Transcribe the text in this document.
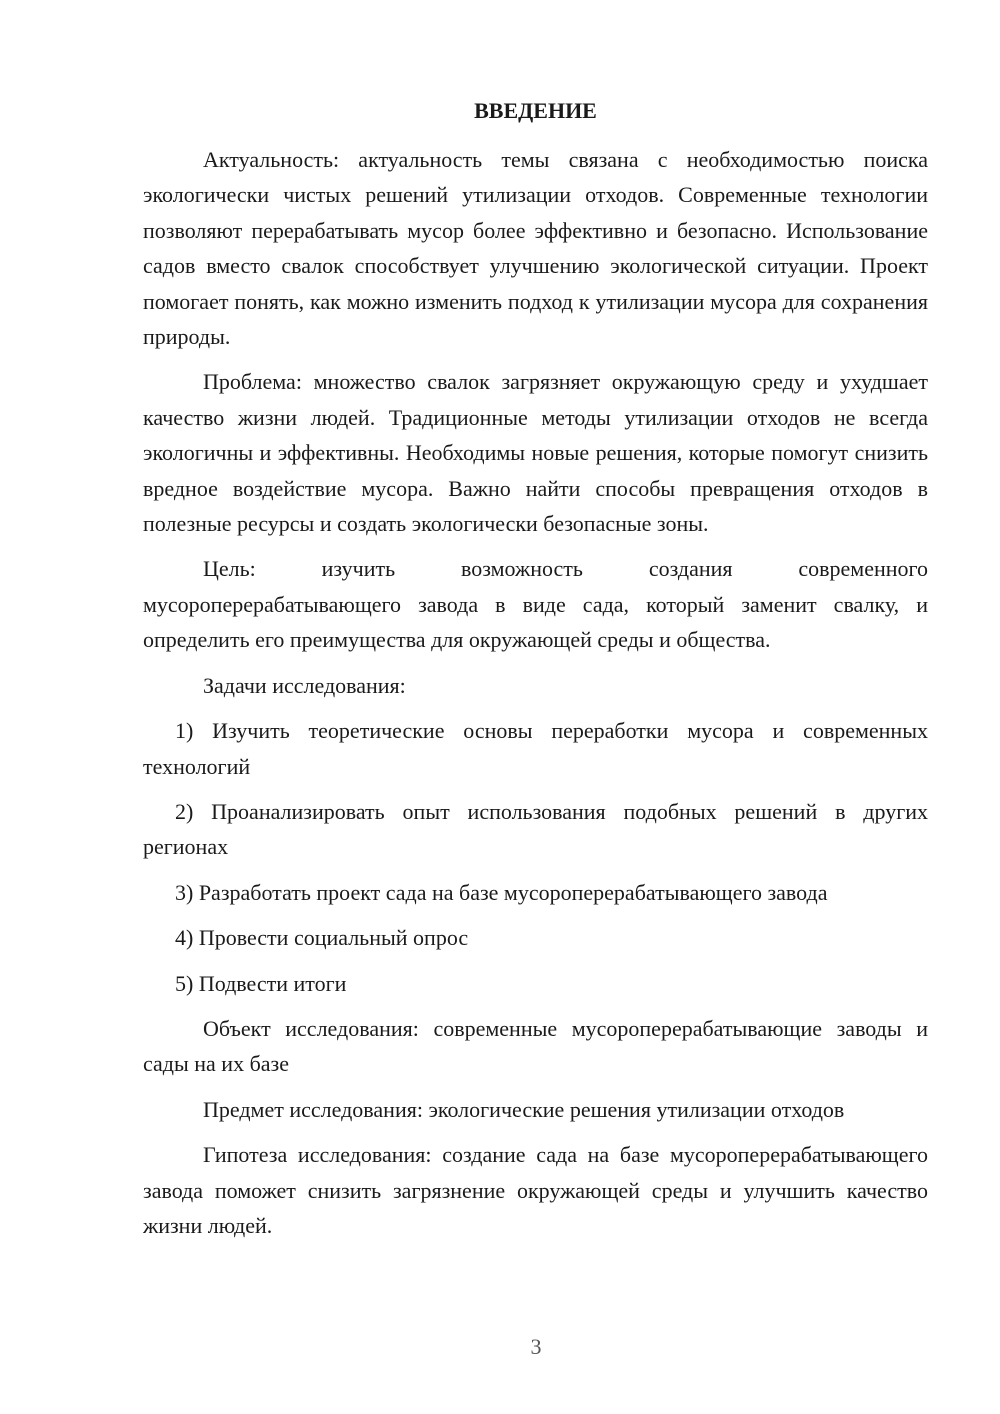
ВВЕДЕНИЕ

Актуальность: актуальность темы связана с необходимостью поиска экологически чистых решений утилизации отходов. Современные технологии позволяют перерабатывать мусор более эффективно и безопасно. Использование садов вместо свалок способствует улучшению экологической ситуации. Проект помогает понять, как можно изменить подход к утилизации мусора для сохранения природы.

Проблема: множество свалок загрязняет окружающую среду и ухудшает качество жизни людей. Традиционные методы утилизации отходов не всегда экологичны и эффективны. Необходимы новые решения, которые помогут снизить вредное воздействие мусора. Важно найти способы превращения отходов в полезные ресурсы и создать экологически безопасные зоны.

Цель: изучить возможность создания современного мусороперерабатывающего завода в виде сада, который заменит свалку, и определить его преимущества для окружающей среды и общества.

Задачи исследования:

1) Изучить теоретические основы переработки мусора и современных технологий

2) Проанализировать опыт использования подобных решений в других регионах

3) Разработать проект сада на базе мусороперерабатывающего завода

4) Провести социальный опрос

5) Подвести итоги

Объект исследования: современные мусороперерабатывающие заводы и сады на их базе

Предмет исследования: экологические решения утилизации отходов

Гипотеза исследования: создание сада на базе мусороперерабатывающего завода поможет снизить загрязнение окружающей среды и улучшить качество жизни людей.

3
